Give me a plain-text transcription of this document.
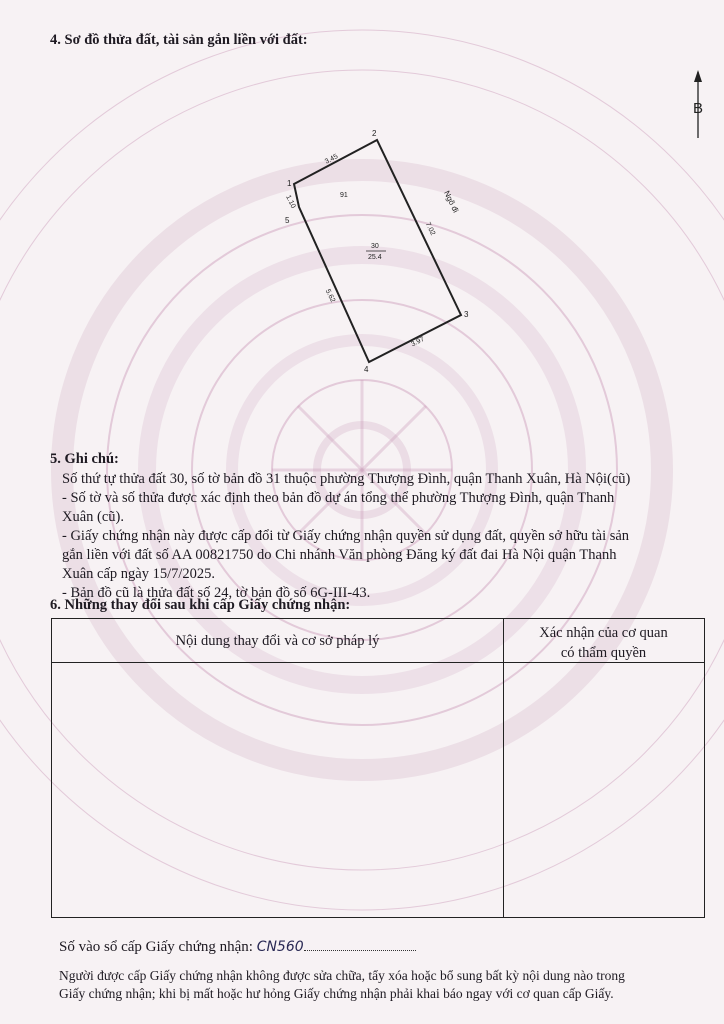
4. Sơ đồ thửa đất, tài sản gắn liền với đất:
B
1
2
3
4
5
3.45
7.02
3.97
5.62
1.10	91	Ngõ đi
30
25.4
5. Ghi chú:
Số thứ tự thửa đất 30, số tờ bản đồ 31 thuộc phường Thượng Đình, quận Thanh Xuân, Hà Nội(cũ)
- Số tờ và số thửa được xác định theo bản đồ dự án tổng thể phường Thượng Đình, quận Thanh
Xuân (cũ).
- Giấy chứng nhận này được cấp đổi từ Giấy chứng nhận quyền sử dụng đất, quyền sở hữu tài sản
gắn liền với đất số AA 00821750 do Chi nhánh Văn phòng Đăng ký đất đai Hà Nội quận Thanh
Xuân cấp ngày 15/7/2025.
- Bản đồ cũ là thửa đất số 24, tờ bản đồ số 6G-III-43.
6. Những thay đổi sau khi cấp Giấy chứng nhận:
Nội dung thay đổi và cơ sở pháp lý	Xác nhận của cơ quan
có thẩm quyền
Số vào sổ cấp Giấy chứng nhận: CN560
Người được cấp Giấy chứng nhận không được sửa chữa, tẩy xóa hoặc bổ sung bất kỳ nội dung nào trong
Giấy chứng nhận; khi bị mất hoặc hư hỏng Giấy chứng nhận phải khai báo ngay với cơ quan cấp Giấy.
